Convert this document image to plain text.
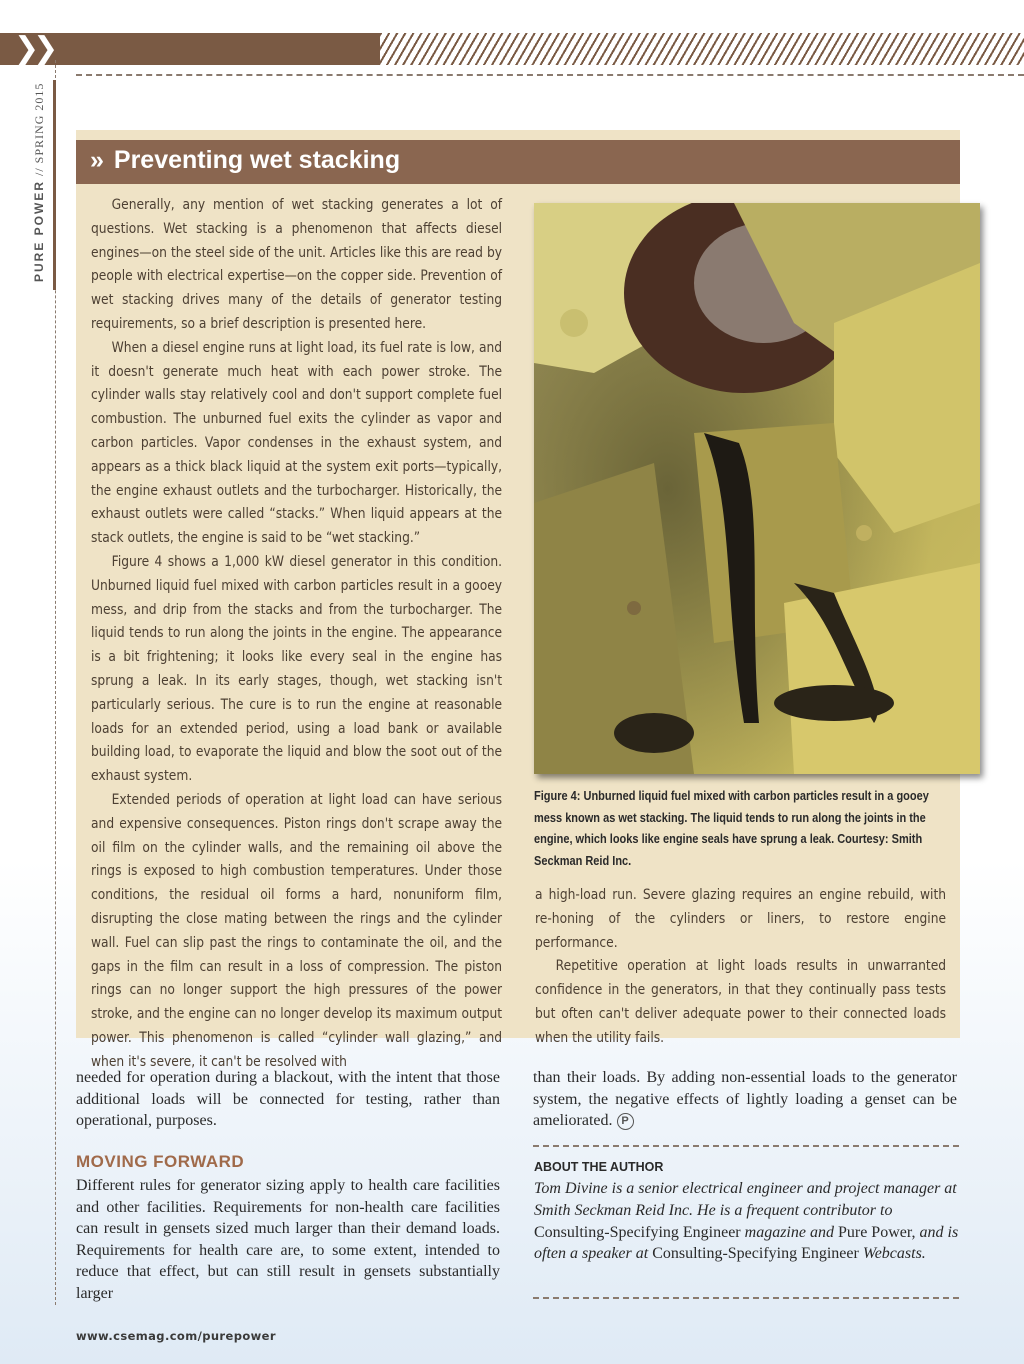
❯❯
6 Cover Story
PURE POWER // SPRING 2015 » Preventing wet stacking

Generally, any mention of wet stacking generates a lot of questions. Wet stacking is a phenomenon that affects diesel engines—on the steel side of the unit. Articles like this are read by people with electrical expertise—on the copper side. Prevention of wet stacking drives many of the details of generator testing requirements, so a brief description is presented here.

When a diesel engine runs at light load, its fuel rate is low, and it doesn't generate much heat with each power stroke. The cylinder walls stay relatively cool and don't support complete fuel combustion. The unburned fuel exits the cylinder as vapor and carbon particles. Vapor condenses in the exhaust system, and appears as a thick black liquid at the system exit ports—typically, the engine exhaust outlets and the turbocharger. Historically, the exhaust outlets were called “stacks.” When liquid appears at the stack outlets, the engine is said to be “wet stacking.”

Figure 4 shows a 1,000 kW diesel generator in this condition. Unburned liquid fuel mixed with carbon particles result in a gooey mess, and drip from the stacks and from the turbocharger. The liquid tends to run along the joints in the engine. The appearance is a bit frightening; it looks like every seal in the engine has sprung a leak. In its early stages, though, wet stacking isn't particularly serious. The cure is to run the engine at reasonable loads for an extended period, using a load bank or available building load, to evaporate the liquid and blow the soot out of the exhaust system.

Extended periods of operation at light load can have serious and expensive consequences. Piston rings don't scrape away the oil film on the cylinder walls, and the remaining oil above the rings is exposed to high combustion temperatures. Under those conditions, the residual oil forms a hard, nonuniform film, disrupting the close mating between the rings and the cylinder wall. Fuel can slip past the rings to contaminate the oil, and the gaps in the film can result in a loss of compression. The piston rings can no longer support the high pressures of the power stroke, and the engine can no longer develop its maximum output power. This phenomenon is called “cylinder wall glazing,” and when it's severe, it can't be resolved with

Figure 4: Unburned liquid fuel mixed with carbon particles result in a gooey mess known as wet stacking. The liquid tends to run along the joints in the engine, which looks like engine seals have sprung a leak. Courtesy: Smith Seckman Reid Inc.

a high-load run. Severe glazing requires an engine rebuild, with re-honing of the cylinders or liners, to restore engine performance.

Repetitive operation at light loads results in unwarranted confidence in the generators, in that they continually pass tests but often can't deliver adequate power to their connected loads when the utility fails.

needed for operation during a blackout, with the intent that those additional loads will be connected for testing, rather than operational, purposes.

MOVING FORWARD

Different rules for generator sizing apply to health care facilities and other facilities. Requirements for non-health care facilities can result in gensets sized much larger than their demand loads. Requirements for health care are, to some extent, intended to reduce that effect, but can still result in gensets substantially larger

than their loads. By adding non-essential loads to the generator system, the negative effects of lightly loading a genset can be ameliorated. P

ABOUT THE AUTHOR
Tom Divine is a senior electrical engineer and project manager at Smith Seckman Reid Inc. He is a frequent contributor to Consulting-Specifying Engineer magazine and Pure Power, and is often a speaker at Consulting-Specifying Engineer Webcasts.
www.csemag.com/purepower
